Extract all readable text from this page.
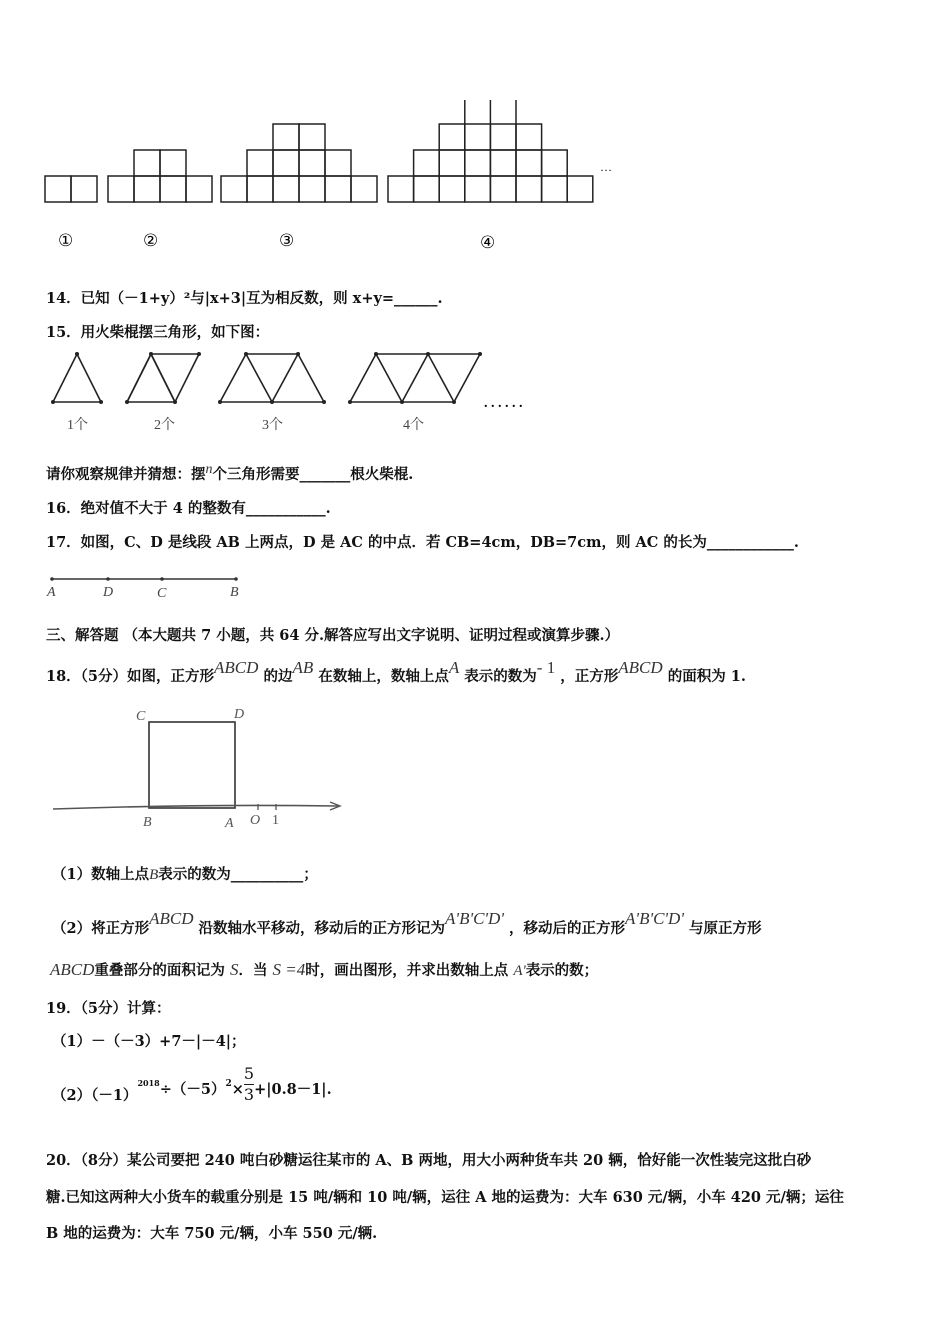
…
①	②	③	④
14．已知（－1+y）²与|x+3|互为相反数，则 x+y=______.
15．用火柴棍摆三角形，如下图：
1个	2个	3个	4个
. . . . . .
请你观察规律并猜想：摆n个三角形需要_______根火柴棍.
16．绝对值不大于 4 的整数有___________.
17．如图，C、D 是线段 AB 上两点，D 是 AC 的中点．若 CB=4cm，DB=7cm，则 AC 的长为____________.
A	D	C	B
三、解答题 （本大题共 7 小题，共 64 分.解答应写出文字说明、证明过程或演算步骤.）
18．（5分）如图，正方形ABCD 的边AB 在数轴上，数轴上点A 表示的数为- 1 ，正方形ABCD 的面积为 1.
C	D
B	A O 1
（1）数轴上点B表示的数为__________；
（2）将正方形ABCD 沿数轴水平移动，移动后的正方形记为A'B'C'D' ，移动后的正方形A'B'C'D' 与原正方形
ABCD重叠部分的面积记为 S．当 S =4时，画出图形，并求出数轴上点 A'表示的数；
19．（5分）计算：
（1）－（－3）+7－|－4|；
$(2)(-1)^{2018}\div(-5)^2\times \frac{5}{3} +|0.8-1|$.
20．（8分）某公司要把 240 吨白砂糖运往某市的 A、B 两地，用大小两种货车共 20 辆，恰好能一次性装完这批白砂
糖.已知这两种大小货车的载重分别是 15 吨/辆和 10 吨/辆，运往 A 地的运费为：大车 630 元/辆，小车 420 元/辆；运往
B 地的运费为：大车 750 元/辆，小车 550 元/辆.
